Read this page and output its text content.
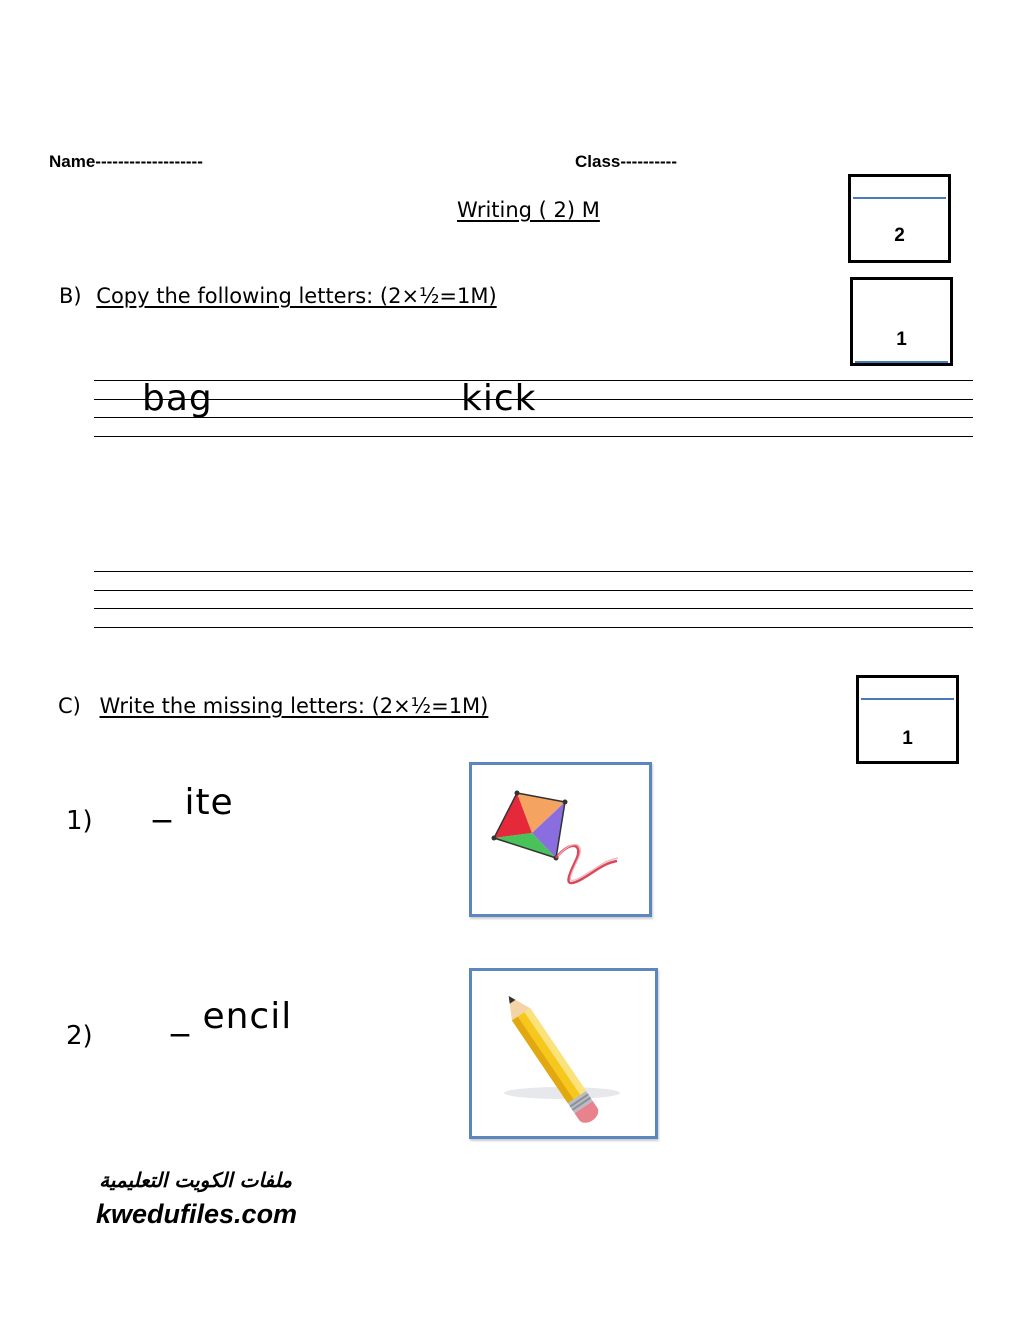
Name-------------------	Class----------
Writing ( 2) M
2
1
1
B) Copy the following letters: (2×½=1M)
bag	kick
C) Write the missing letters: (2×½=1M)
1) _ ite
2) _ encil
ملفات الكويت التعليمية
kwedufiles.com
